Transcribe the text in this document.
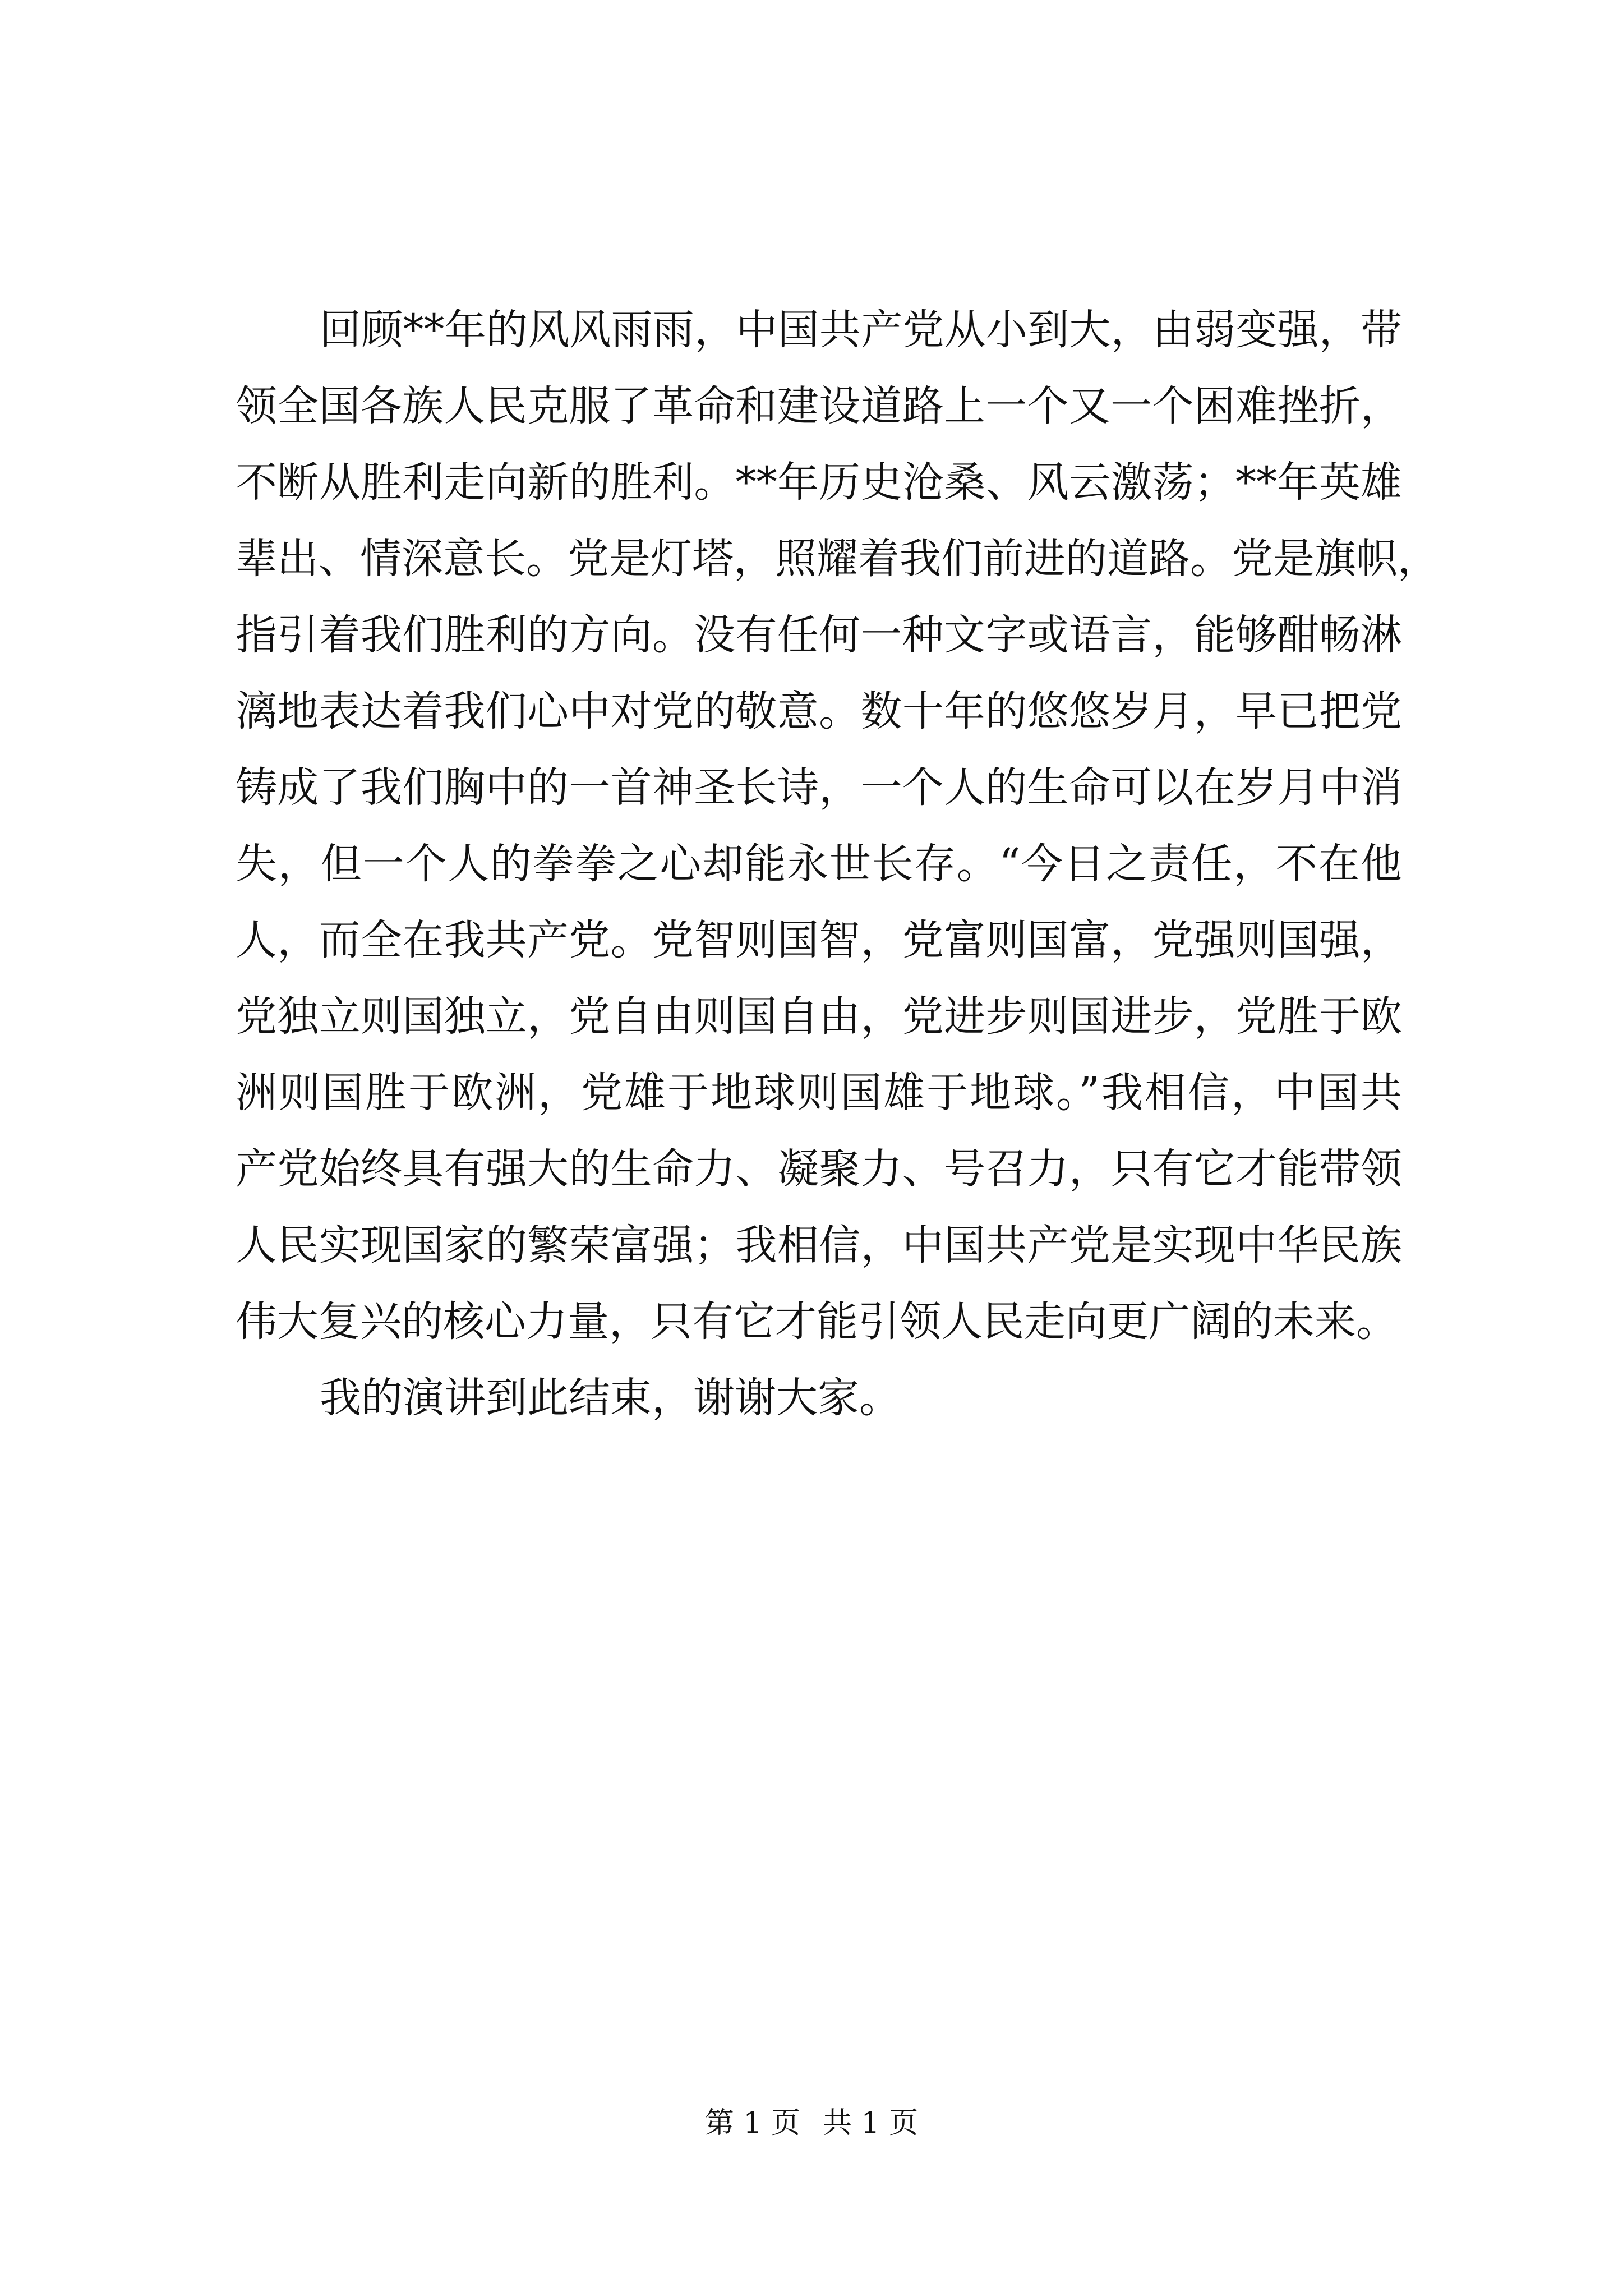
回顾**年的风风雨雨，中国共产党从小到大，由弱变强，带
领全国各族人民克服了革命和建设道路上一个又一个困难挫折，
不断从胜利走向新的胜利。**年历史沧桑、风云激荡；**年英雄
辈出、情深意长。党是灯塔，照耀着我们前进的道路。党是旗帜，
指引着我们胜利的方向。没有任何一种文字或语言，能够酣畅淋
漓地表达着我们心中对党的敬意。数十年的悠悠岁月，早已把党
铸成了我们胸中的一首神圣长诗，一个人的生命可以在岁月中消
失，但一个人的拳拳之心却能永世长存。“今日之责任，不在他
人，而全在我共产党。党智则国智，党富则国富，党强则国强，
党独立则国独立，党自由则国自由，党进步则国进步，党胜于欧
洲则国胜于欧洲，党雄于地球则国雄于地球。”我相信，中国共
产党始终具有强大的生命力、凝聚力、号召力，只有它才能带领
人民实现国家的繁荣富强；我相信，中国共产党是实现中华民族
伟大复兴的核心力量，只有它才能引领人民走向更广阔的未来。
我的演讲到此结束，谢谢大家。
第 1 页 共 1 页
